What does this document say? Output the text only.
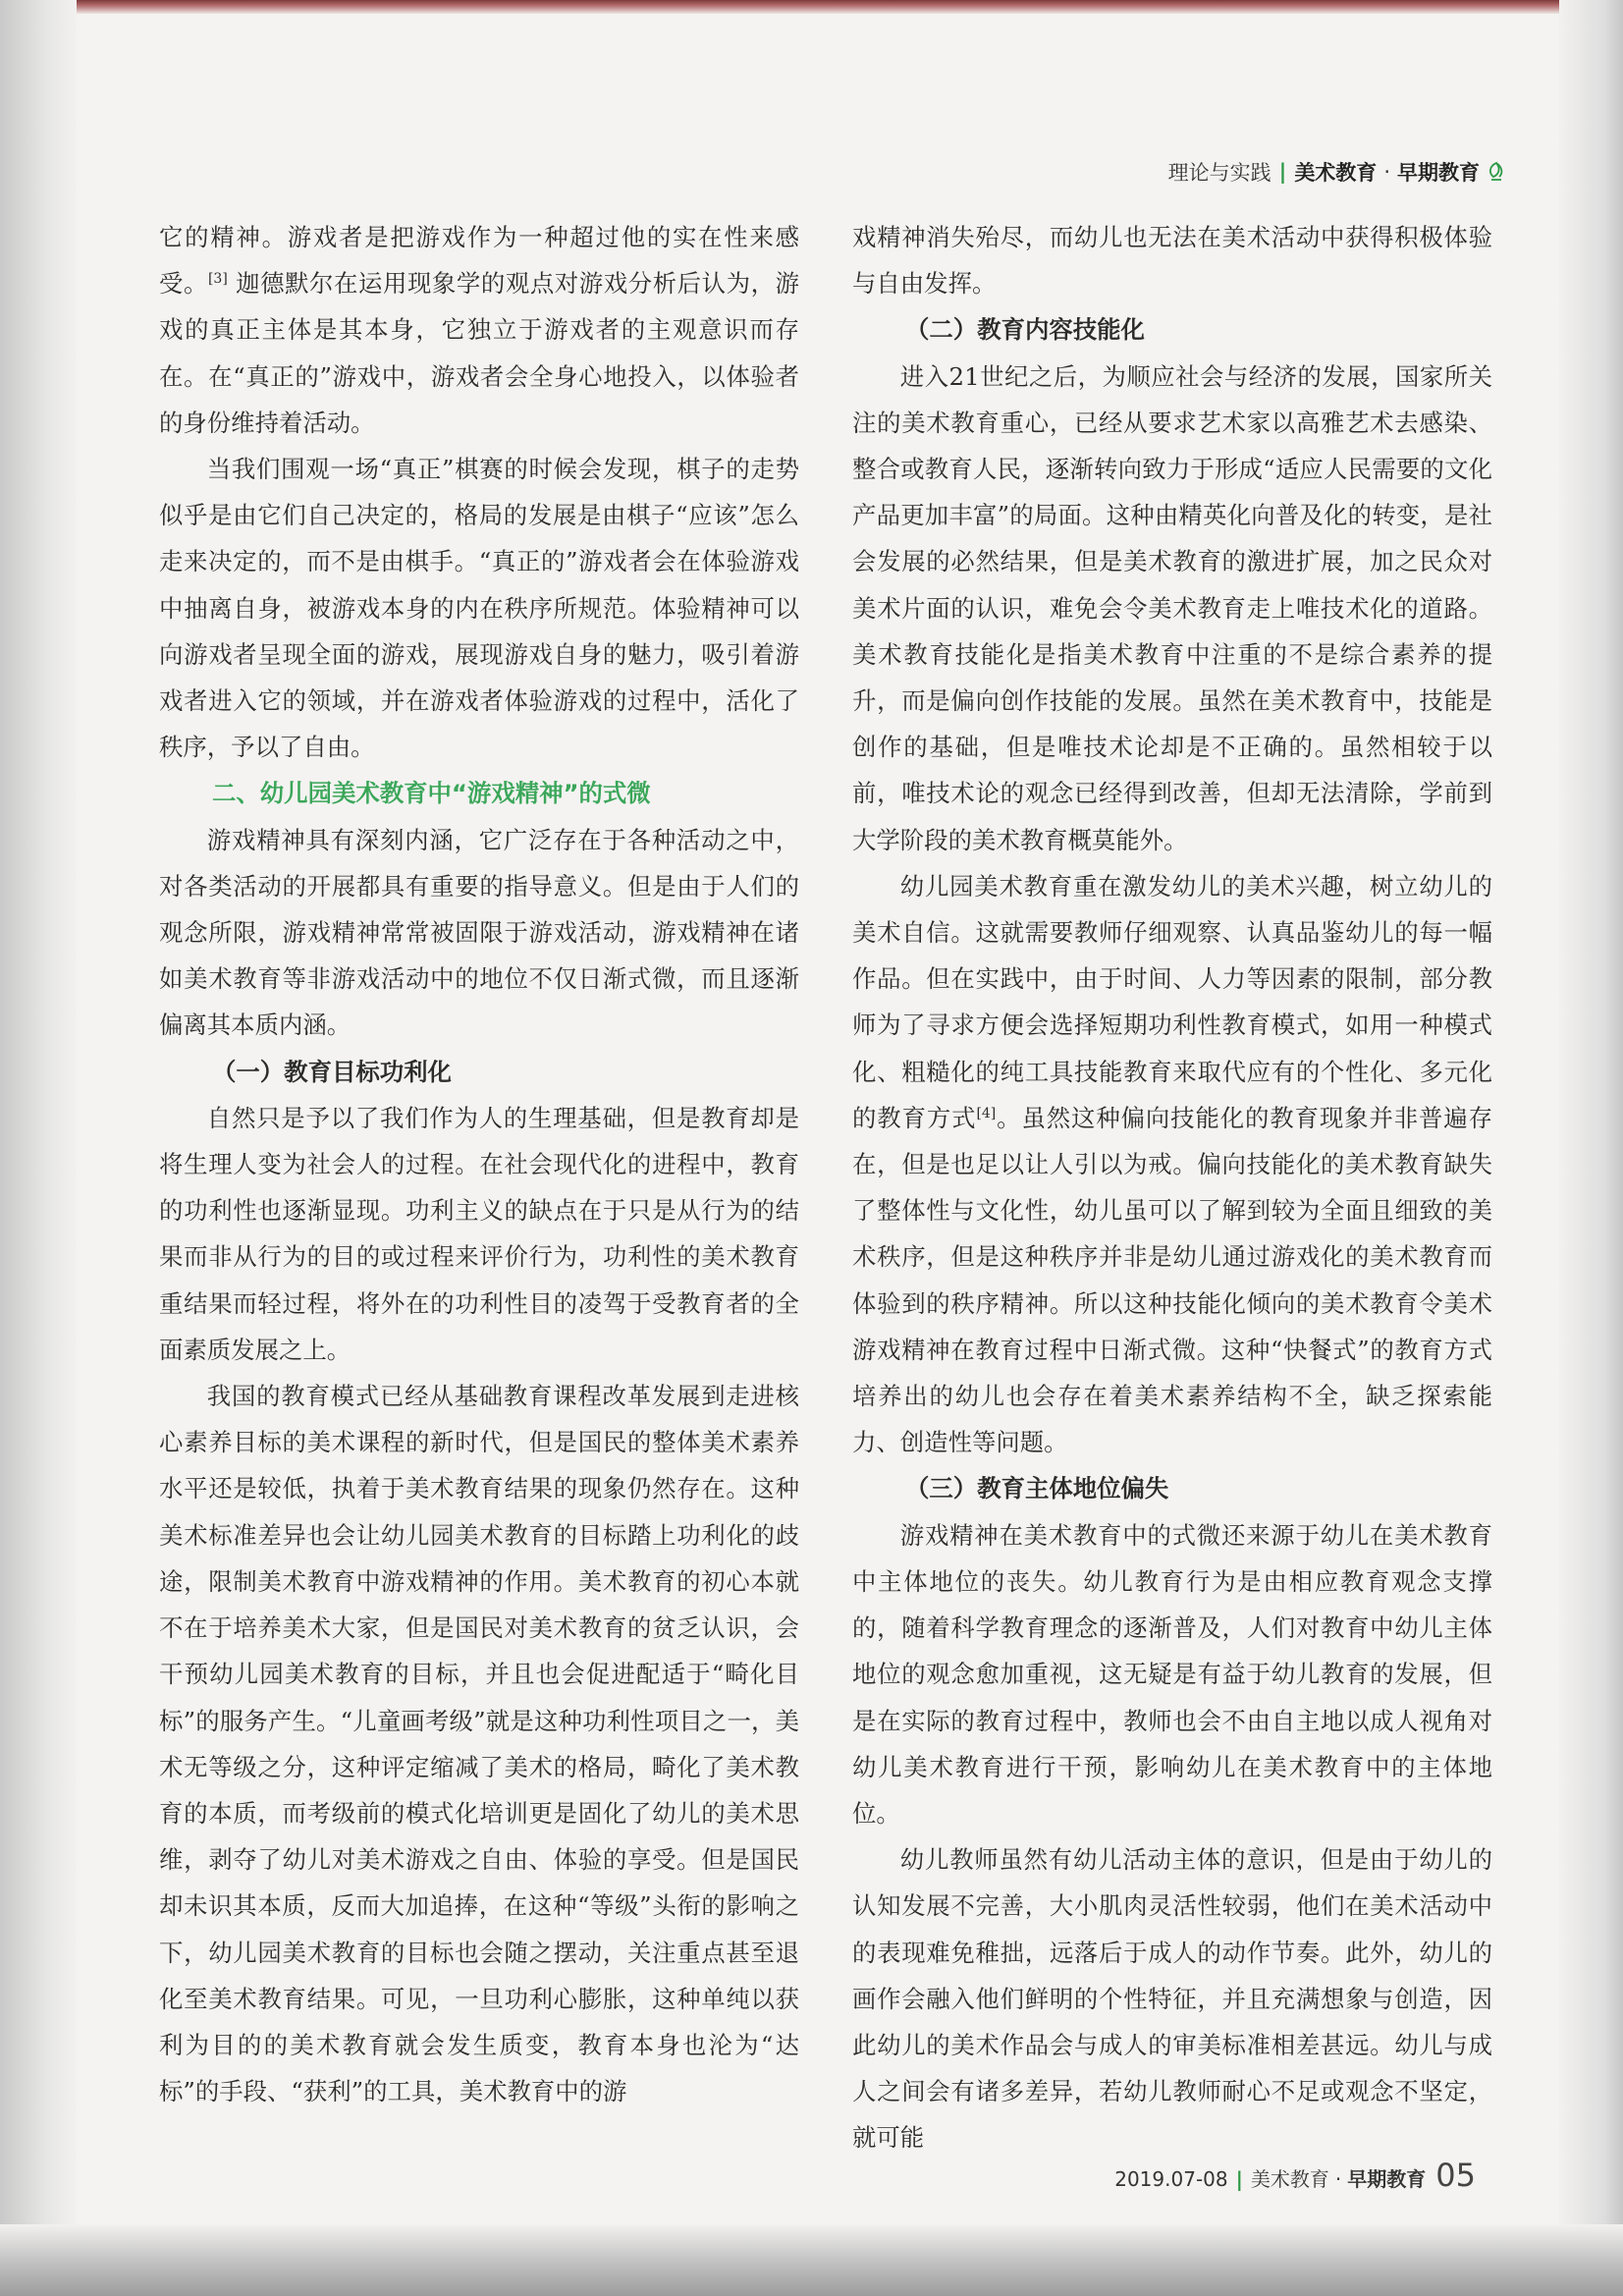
理论与实践 | 美术教育 · 早期教育

它的精神。游戏者是把游戏作为一种超过他的实在性来感受。[3] 迦德默尔在运用现象学的观点对游戏分析后认为，游戏的真正主体是其本身，它独立于游戏者的主观意识而存在。在“真正的”游戏中，游戏者会全身心地投入，以体验者的身份维持着活动。

当我们围观一场“真正”棋赛的时候会发现，棋子的走势似乎是由它们自己决定的，格局的发展是由棋子“应该”怎么走来决定的，而不是由棋手。“真正的”游戏者会在体验游戏中抽离自身，被游戏本身的内在秩序所规范。体验精神可以向游戏者呈现全面的游戏，展现游戏自身的魅力，吸引着游戏者进入它的领域，并在游戏者体验游戏的过程中，活化了秩序，予以了自由。

二、幼儿园美术教育中“游戏精神”的式微

游戏精神具有深刻内涵，它广泛存在于各种活动之中，对各类活动的开展都具有重要的指导意义。但是由于人们的观念所限，游戏精神常常被固限于游戏活动，游戏精神在诸如美术教育等非游戏活动中的地位不仅日渐式微，而且逐渐偏离其本质内涵。

（一）教育目标功利化

自然只是予以了我们作为人的生理基础，但是教育却是将生理人变为社会人的过程。在社会现代化的进程中，教育的功利性也逐渐显现。功利主义的缺点在于只是从行为的结果而非从行为的目的或过程来评价行为，功利性的美术教育重结果而轻过程，将外在的功利性目的凌驾于受教育者的全面素质发展之上。

我国的教育模式已经从基础教育课程改革发展到走进核心素养目标的美术课程的新时代，但是国民的整体美术素养水平还是较低，执着于美术教育结果的现象仍然存在。这种美术标准差异也会让幼儿园美术教育的目标踏上功利化的歧途，限制美术教育中游戏精神的作用。美术教育的初心本就不在于培养美术大家，但是国民对美术教育的贫乏认识，会干预幼儿园美术教育的目标，并且也会促进配适于“畸化目标”的服务产生。“儿童画考级”就是这种功利性项目之一，美术无等级之分，这种评定缩减了美术的格局，畸化了美术教育的本质，而考级前的模式化培训更是固化了幼儿的美术思维，剥夺了幼儿对美术游戏之自由、体验的享受。但是国民却未识其本质，反而大加追捧，在这种“等级”头衔的影响之下，幼儿园美术教育的目标也会随之摆动，关注重点甚至退化至美术教育结果。可见，一旦功利心膨胀，这种单纯以获利为目的的美术教育就会发生质变，教育本身也沦为“达标”的手段、“获利”的工具，美术教育中的游

戏精神消失殆尽，而幼儿也无法在美术活动中获得积极体验与自由发挥。

（二）教育内容技能化

进入21世纪之后，为顺应社会与经济的发展，国家所关注的美术教育重心，已经从要求艺术家以高雅艺术去感染、整合或教育人民，逐渐转向致力于形成“适应人民需要的文化产品更加丰富”的局面。这种由精英化向普及化的转变，是社会发展的必然结果，但是美术教育的激进扩展，加之民众对美术片面的认识，难免会令美术教育走上唯技术化的道路。美术教育技能化是指美术教育中注重的不是综合素养的提升，而是偏向创作技能的发展。虽然在美术教育中，技能是创作的基础，但是唯技术论却是不正确的。虽然相较于以前，唯技术论的观念已经得到改善，但却无法清除，学前到大学阶段的美术教育概莫能外。

幼儿园美术教育重在激发幼儿的美术兴趣，树立幼儿的美术自信。这就需要教师仔细观察、认真品鉴幼儿的每一幅作品。但在实践中，由于时间、人力等因素的限制，部分教师为了寻求方便会选择短期功利性教育模式，如用一种模式化、粗糙化的纯工具技能教育来取代应有的个性化、多元化的教育方式[4]。虽然这种偏向技能化的教育现象并非普遍存在，但是也足以让人引以为戒。偏向技能化的美术教育缺失了整体性与文化性，幼儿虽可以了解到较为全面且细致的美术秩序，但是这种秩序并非是幼儿通过游戏化的美术教育而体验到的秩序精神。所以这种技能化倾向的美术教育令美术游戏精神在教育过程中日渐式微。这种“快餐式”的教育方式培养出的幼儿也会存在着美术素养结构不全，缺乏探索能力、创造性等问题。

（三）教育主体地位偏失

游戏精神在美术教育中的式微还来源于幼儿在美术教育中主体地位的丧失。幼儿教育行为是由相应教育观念支撑的，随着科学教育理念的逐渐普及，人们对教育中幼儿主体地位的观念愈加重视，这无疑是有益于幼儿教育的发展，但是在实际的教育过程中，教师也会不由自主地以成人视角对幼儿美术教育进行干预，影响幼儿在美术教育中的主体地位。

幼儿教师虽然有幼儿活动主体的意识，但是由于幼儿的认知发展不完善，大小肌肉灵活性较弱，他们在美术活动中的表现难免稚拙，远落后于成人的动作节奏。此外，幼儿的画作会融入他们鲜明的个性特征，并且充满想象与创造，因此幼儿的美术作品会与成人的审美标准相差甚远。幼儿与成人之间会有诸多差异，若幼儿教师耐心不足或观念不坚定，就可能

2019.07-08 | 美术教育 · 早期教育 05
